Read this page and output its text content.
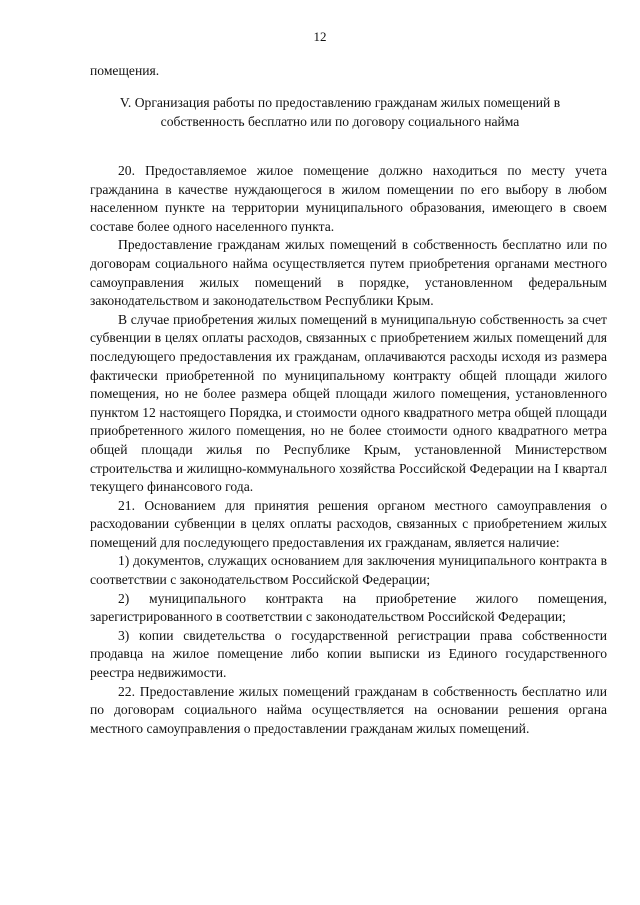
12
помещения.
V. Организация работы по предоставлению гражданам жилых помещений в собственность бесплатно или по договору социального найма

20. Предоставляемое жилое помещение должно находиться по месту учета гражданина в качестве нуждающегося в жилом помещении по его выбору в любом населенном пункте на территории муниципального образования, имеющего в своем составе более одного населенного пункта.

Предоставление гражданам жилых помещений в собственность бесплатно или по договорам социального найма осуществляется путем приобретения органами местного самоуправления жилых помещений в порядке, установленном федеральным законодательством и законодательством Республики Крым.

В случае приобретения жилых помещений в муниципальную собственность за счет субвенции в целях оплаты расходов, связанных с приобретением жилых помещений для последующего предоставления их гражданам, оплачиваются расходы исходя из размера фактически приобретенной по муниципальному контракту общей площади жилого помещения, но не более размера общей площади жилого помещения, установленного пунктом 12 настоящего Порядка, и стоимости одного квадратного метра общей площади приобретенного жилого помещения, но не более стоимости одного квадратного метра общей площади жилья по Республике Крым, установленной Министерством строительства и жилищно-коммунального хозяйства Российской Федерации на I квартал текущего финансового года.

21. Основанием для принятия решения органом местного самоуправления о расходовании субвенции в целях оплаты расходов, связанных с приобретением жилых помещений для последующего предоставления их гражданам, является наличие:

1) документов, служащих основанием для заключения муниципального контракта в соответствии с законодательством Российской Федерации;

2) муниципального контракта на приобретение жилого помещения, зарегистрированного в соответствии с законодательством Российской Федерации;

3) копии свидетельства о государственной регистрации права собственности продавца на жилое помещение либо копии выписки из Единого государственного реестра недвижимости.

22. Предоставление жилых помещений гражданам в собственность бесплатно или по договорам социального найма осуществляется на основании решения органа местного самоуправления о предоставлении гражданам жилых помещений.
